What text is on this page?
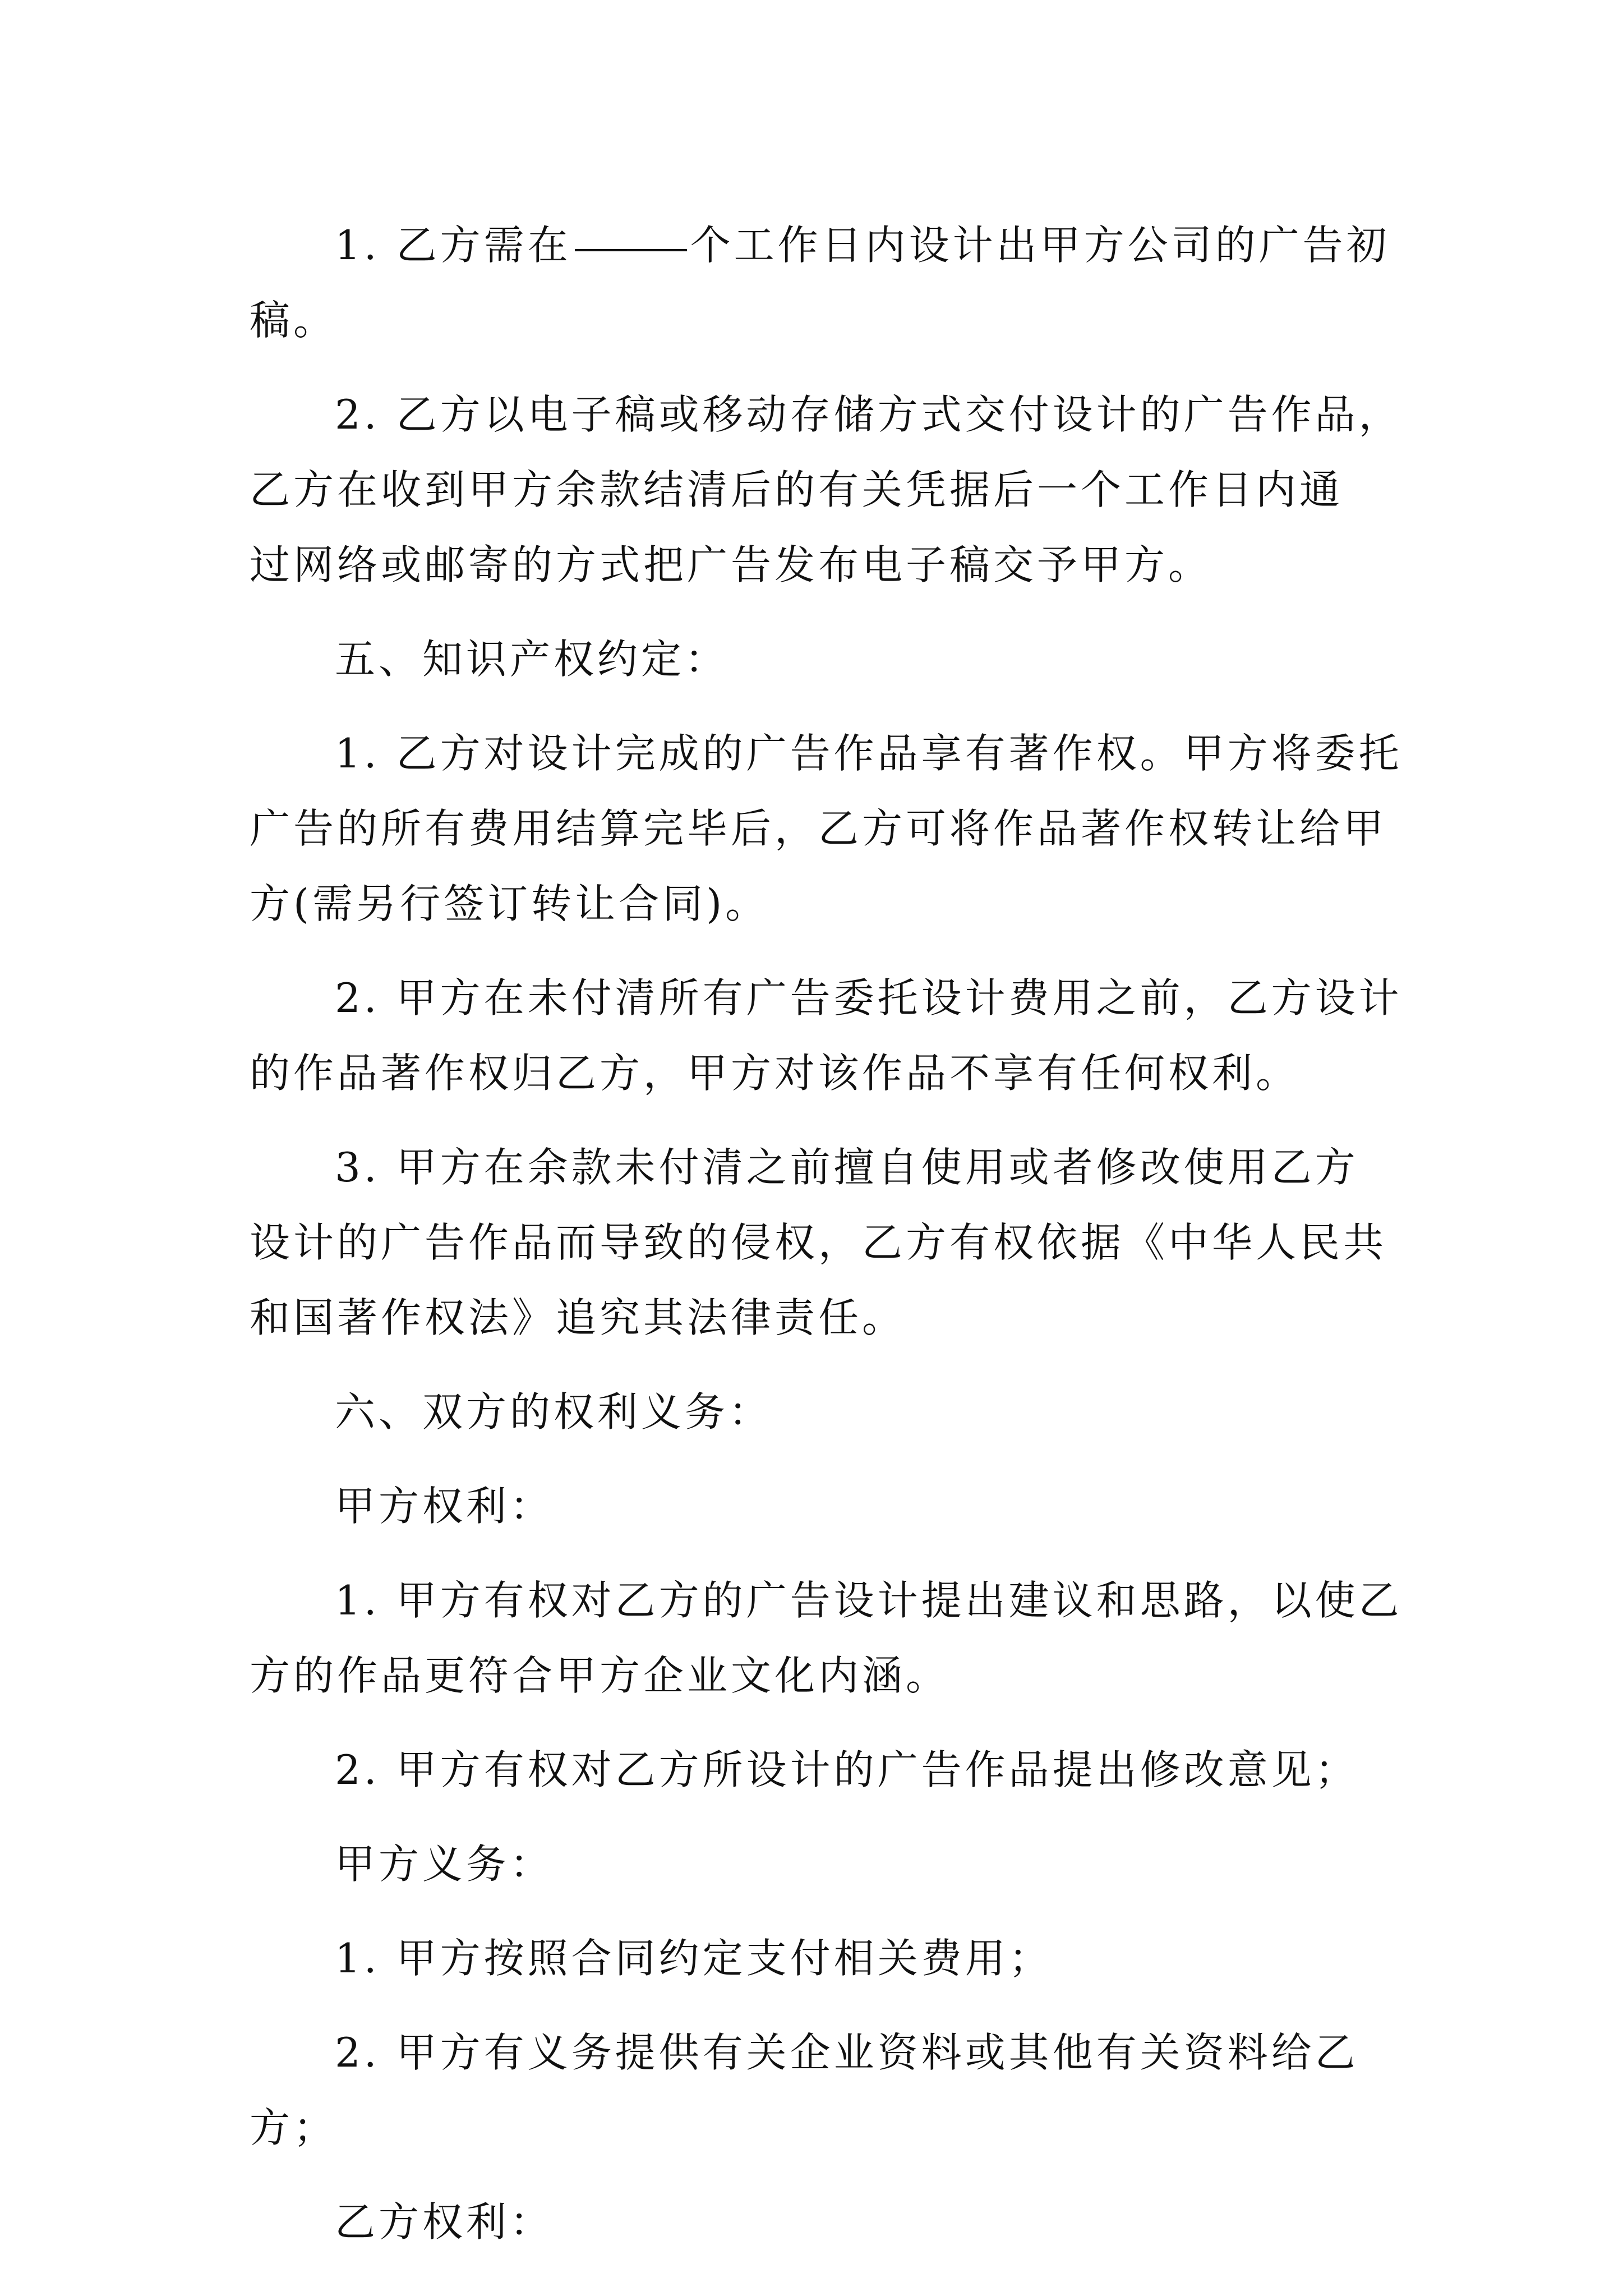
1. 乙方需在	个工作日内设计出甲方公司的广告初
稿。

2. 乙方以电子稿或移动存储方式交付设计的广告作品，
乙方在收到甲方余款结清后的有关凭据后一个工作日内通
过网络或邮寄的方式把广告发布电子稿交予甲方。

五、知识产权约定：

1. 乙方对设计完成的广告作品享有著作权。甲方将委托
广告的所有费用结算完毕后，乙方可将作品著作权转让给甲
方(需另行签订转让合同)。

2. 甲方在未付清所有广告委托设计费用之前，乙方设计
的作品著作权归乙方，甲方对该作品不享有任何权利。

3. 甲方在余款未付清之前擅自使用或者修改使用乙方
设计的广告作品而导致的侵权，乙方有权依据《中华人民共
和国著作权法》追究其法律责任。

六、双方的权利义务：

甲方权利：

1. 甲方有权对乙方的广告设计提出建议和思路，以使乙
方的作品更符合甲方企业文化内涵。

2. 甲方有权对乙方所设计的广告作品提出修改意见；

甲方义务：

1. 甲方按照合同约定支付相关费用；

2. 甲方有义务提供有关企业资料或其他有关资料给乙
方；

乙方权利：
